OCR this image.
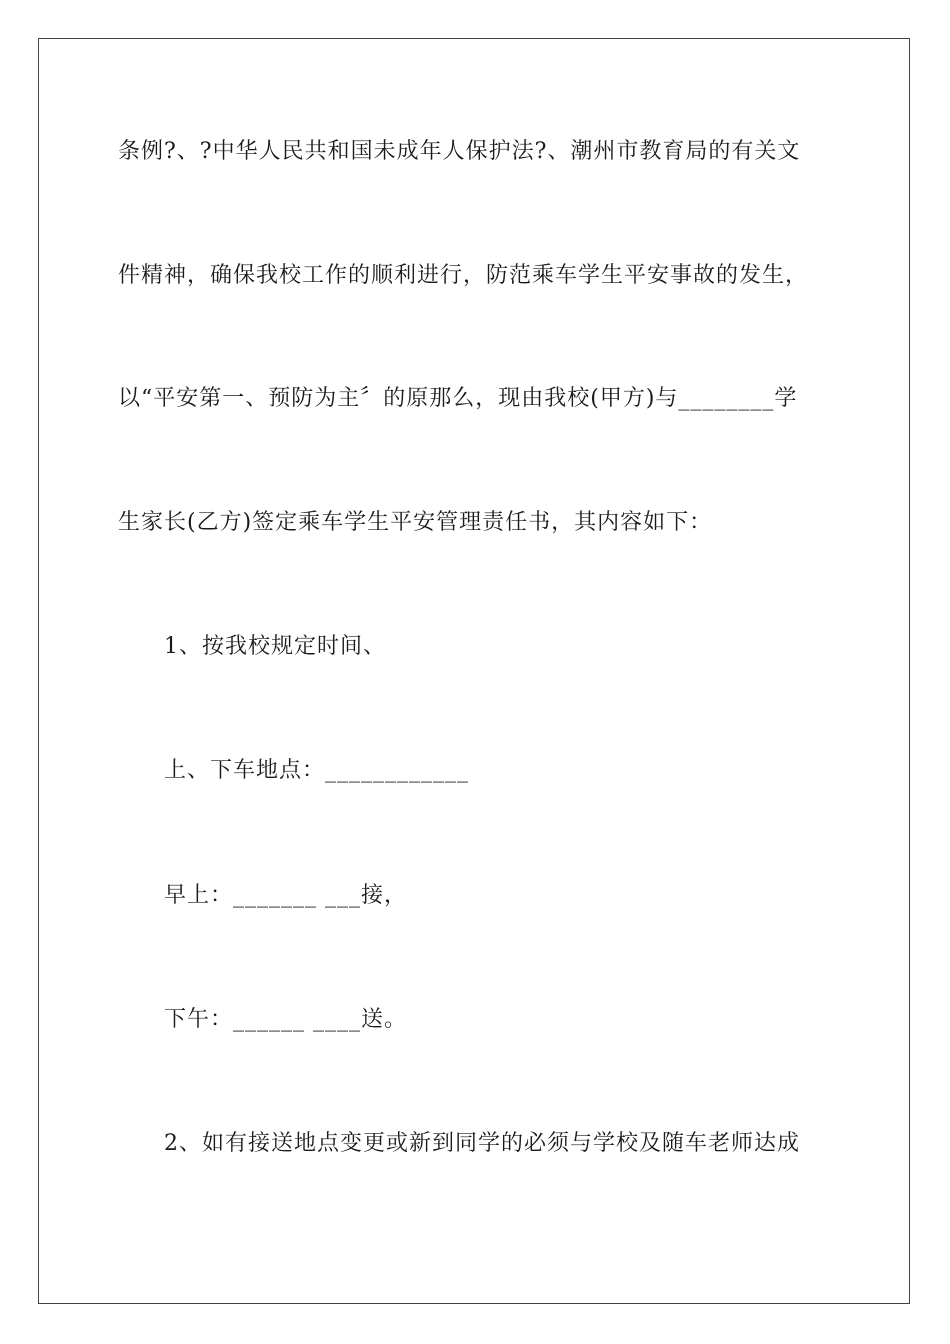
条例?、?中华人民共和国未成年人保护法?、潮州市教育局的有关文
件精神，确保我校工作的顺利进行，防范乘车学生平安事故的发生，
以“平安第一、预防为主〞的原那么，现由我校(甲方)与________学
生家长(乙方)签定乘车学生平安管理责任书，其内容如下：
1、按我校规定时间、
上、下车地点：____________
早上：_______ ___接，
下午：______ ____送。
2、如有接送地点变更或新到同学的必须与学校及随车老师达成
